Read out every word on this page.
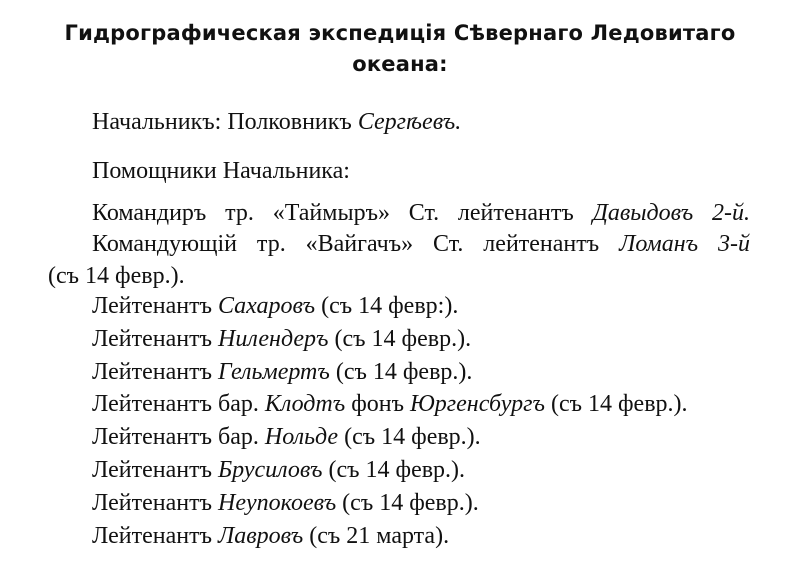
Гидрографическая экспедиція Сѣвернаго Ледовитаго
океана:
Начальникъ: Полковникъ Сергѣевъ.
Помощники Начальника:
Командиръ тр. «Таймыръ» Ст. лейтенантъ Давыдовъ 2-й.
Командующій тр. «Вайгачъ» Ст. лейтенантъ Ломанъ 3-й
(съ 14 февр.).
Лейтенантъ Сахаровъ (съ 14 февр:).
Лейтенантъ Нилендеръ (съ 14 февр.).
Лейтенантъ Гельмертъ (съ 14 февр.).
Лейтенантъ бар. Клодтъ фонъ Юргенсбургъ (съ 14 февр.).
Лейтенантъ бар. Нольде (съ 14 февр.).
Лейтенантъ Брусиловъ (съ 14 февр.).
Лейтенантъ Неупокоевъ (съ 14 февр.).
Лейтенантъ Лавровъ (съ 21 марта).
